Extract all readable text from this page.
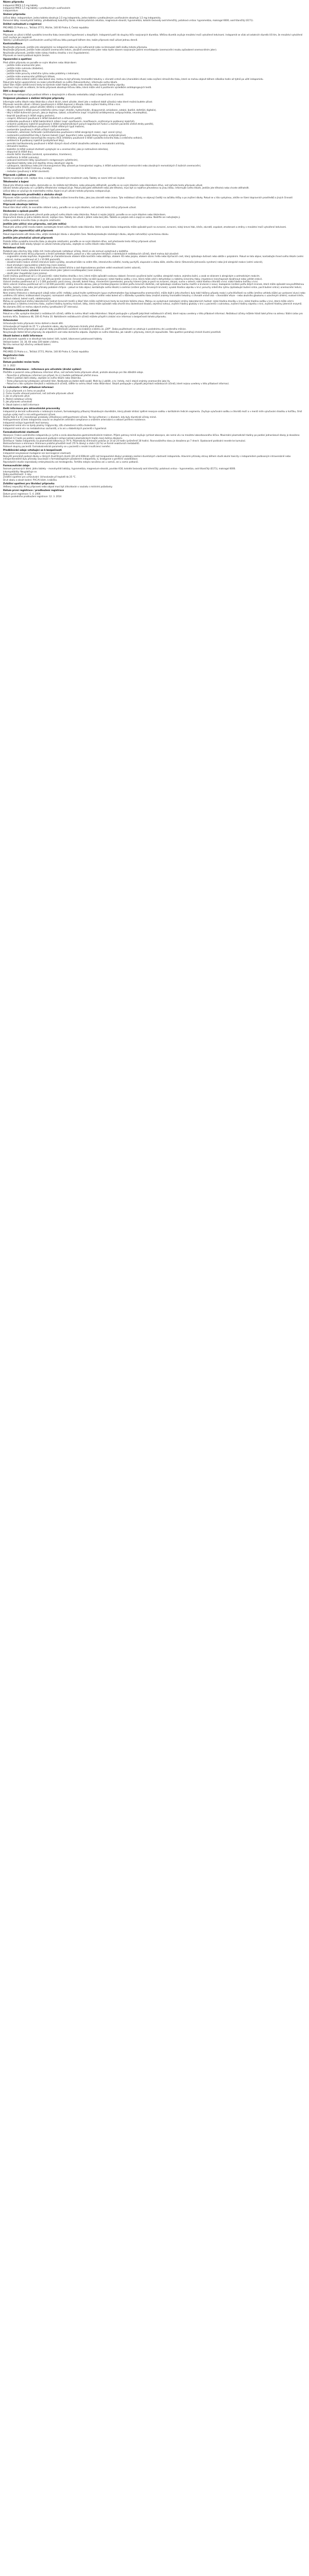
Název přípravku
Indapamid PMCS 2,5 mg tablety
Indapamid PMCS 1,5 mg tablety s prodlouženým uvolňováním
indapamidum
Složení přípravku
Léčivá látka: indapamidum. Jedna tableta obsahuje 2,5 mg indapamidu, jedna tableta s prodlouženým uvolňováním obsahuje 1,5 mg indapamidu.
Pomocné látky: monohydrát laktózy, předbobtnalý kukuřičný škrob, mikrokrystalická celulóza, magnesium-stearát, hypromelóza, koloidní bezvodý oxid křemičitý, potahová vrstva: hypromelóza, makrogol 6000, oxid titaničitý (E171).
Držitel rozhodnutí o registraci
PRO.MED.CS Praha a.s., Telčská 377/1, Michle, 140 00 Praha 4, Česká republika
Indikace
Přípravek se užívá k léčbě vysokého krevního tlaku (esenciální hypertenze) u dospělých. Indapamid patří do skupiny léčiv nazývaných diuretika. Většina diuretik zvyšuje množství moči vytvářené ledvinami. Indapamid se však od ostatních diuretik liší tím, že množství vytvářené moči zvyšuje jen nepatrně.
Tablety s prodlouženým uvolňováním uvolňují léčivou látku postupně během dne, takže přípravek stačí užívat jednou denně.
Kontraindikace
Neužívejte přípravek, jestliže jste alergický(á) na indapamid nebo na jiný sulfonamid nebo na kteroukoli další složku tohoto přípravku.
Neužívejte přípravek, jestliže máte závažné onemocnění ledvin, závažné onemocnění jater nebo trpíte stavem nazývaným jaterní encefalopatie (onemocnění mozku způsobené onemocněním jater).
Neužívejte přípravek, jestliže máte nízkou hladinu draslíku v krvi (hypokalemie).
Přípravek se nesmí podávat kojícím ženám.
Upozornění a opatření
Před užitím přípravku se poraďte se svým lékařem nebo lékárníkem:
– jestliže máte onemocnění jater,
– jestliže máte cukrovku (diabetes),
– jestliže trpíte dnou,
– jestliže máte poruchy srdečního rytmu nebo problémy s ledvinami,
– jestliže máte onemocnění příštítných tělísek,
– jestliže máte snížené vidění nebo bolest oka; mohou to být příznaky hromadění tekutiny v cévnaté vrstvě oka (choroidální efuze) nebo zvýšení nitroočního tlaku, které se mohou objevit během několika hodin až týdnů po užití indapamidu.
Pokud jste byl(a) upozorněn(a) na reakci přecitlivělosti na světlo (fotosenzitivitu), informujte svého lékaře.
Lékař Vám může nařídit krevní testy ke kontrole nízké hladiny sodíku nebo draslíku nebo vysoké hladiny vápníku.
Sportovci mají vzít na vědomí, že tento přípravek obsahuje léčivou látku, která může vést k pozitivním výsledkům antidopingových testů.
Děti a dospívající
Přípravek se nedoporučuje podávat dětem a dospívajícím z důvodu nedostatku údajů o bezpečnosti a účinnosti.
Vzájemné působení s dalšími léčivými přípravky
Informujte svého lékaře nebo lékárníka o všech lécích, které užíváte, které jste v nedávné době užíval(a) nebo které možná budete užívat.
Přípravek nesmíte užívat s lithiem (používaným k léčbě deprese) z důvodu rizika zvýšení hladiny lithia v krvi.
Informujte svého lékaře, pokud užíváte některý z následujících přípravků:
– léky používané k léčbě poruch srdečního rytmu (např. chinidin, hydrochinidin, disopyramid, amiodaron, sotalol, ibutilid, dofetilid, digitalis),
– léky k léčbě duševních poruch, jako je deprese, úzkost, schizofrenie (např. tricyklická antidepresiva, antipsychotika, neuroleptika),
– bepridil (používaný k léčbě anginy pectoris),
– cisaprid, difemanil (používané k léčbě žaludečních a střevních potíží),
– antibiotika používaná k léčbě bakteriálních infekcí (např. sparfloxacin, moxifloxacin, erythromycin podávaný injekčně),
– vinkamin podávaný injekčně (používaný k léčbě symptomatických poruch kognitivních funkcí u starších pacientů včetně ztráty paměti),
– halofantrin (antiparazitikum používané k léčbě některých typů malárie),
– pentamidin (používaný k léčbě určitých typů pneumonie),
– mizolastin, astemizol, terfenadin (antihistaminika používaná k léčbě alergických reakcí, např. senné rýmy),
– nesteroidní protizánětlivé léky k tlumení bolesti (např. ibuprofen) nebo vysoké dávky kyseliny acetylsalicylové,
– inhibitory angiotensin konvertujícího enzymu (ACE inhibitory používané k léčbě vysokého krevního tlaku a srdečního selhání),
– amfotericin B podávaný injekčně (protiplísňové léky),
– perorální kortikosteroidy používané k léčbě různých stavů včetně závažného astmatu a revmatoidní artritidy,
– stimulační laxativa,
– baklofen (k léčbě svalové ztuhlosti vyskytující se u onemocnění, jako je roztroušená skleróza),
– alopurinol (k léčbě dny),
– draslík šetřící diuretika (amilorid, spironolakton, triamteren),
– metformin (k léčbě cukrovky),
– jodované kontrastní látky (používané k rentgenovým vyšetřením),
– vápníkové tablety nebo jiné doplňky stravy obsahující vápník,
– cyklosporin, takrolimus nebo jiné imunosupresivní léky užívané po transplantaci orgánu, k léčbě autoimunitních onemocnění nebo závažných revmatických či kožních onemocnění,
– tetrakosaktid (k léčbě Crohnovy choroby),
– metadon (používaný k léčbě závislosti).
Přípravek s jídlem a pitím
Tablety se polykají celé, nejlépe ráno, a zapijí se dostatečným množstvím vody. Tablety se nesmí drtit ani žvýkat.
Těhotenství a kojení
Pokud jste těhotná nebo kojíte, domníváte se, že můžete být těhotná, nebo plánujete otěhotnět, poraďte se se svým lékařem nebo lékárníkem dříve, než začnete tento přípravek užívat.
Užívání tohoto přípravku se v průběhu těhotenství nedoporučuje. Pokud plánujete otěhotnět nebo jste těhotná, musí být co nejdříve převedena na jinou léčbu. Informujte svého lékaře, jestliže jste těhotná nebo chcete otěhotnět.
Léčivá látka se vylučuje do mateřského mléka. Kojení se při užívání tohoto přípravku nedoporučuje.
Řízení dopravních prostředků a obsluha strojů
Přípravek může vyvolat nežádoucí účinky v důsledku snížení krevního tlaku, jako jsou závratě nebo únava. Tyto nežádoucí účinky se objevují častěji na začátku léčby a po zvýšení dávky. Pokud se u Vás vyskytnou, zdržte se řízení dopravních prostředků a jiných činností vyžadujících zvýšenou pozornost.
Přípravek obsahuje laktózu
Pokud Vám lékař sdělil, že nesnášíte některé cukry, poraďte se se svým lékařem, než začnete tento léčivý přípravek užívat.
Dávkování a způsob použití
Vždy užívejte tento přípravek přesně podle pokynů svého lékaře nebo lékárníka. Pokud si nejste jistý(á), poraďte se se svým lékařem nebo lékárníkem.
Doporučená dávka je jedna tableta denně, nejlépe ráno. Tablety lze užívat s jídlem nebo bez jídla. Tableta se polyká celá a zapíjí se vodou. Nedrťte ani nežvýkejte ji.
Léčba vysokého krevního tlaku je obvykle celoživotní.
Jestliže jste užil(a) více přípravku, než jste měl(a)
Pokud jste užil(a) příliš mnoho tablet, kontaktujte ihned svého lékaře nebo lékárníka. Velmi vysoká dávka indapamidu může způsobit pocit na zvracení, zvracení, nízký krevní tlak, křeče, závratě, ospalost, zmatenost a změny v množství moči vytvářené ledvinami.
Jestliže jste zapomněl(a) užít přípravek
Pokud zapomenete užít dávku léku, užijte následující dávku v obvyklém čase. Nezdvojnásobujte následující dávku, abyste nahradil(a) vynechanou dávku.
Jestliže jste přestal(a) užívat přípravek
Protože léčba vysokého krevního tlaku je obvykle celoživotní, poraďte se se svým lékařem dříve, než přestanete tento léčivý přípravek užívat.
Máte-li jakékoli další otázky týkající se užívání tohoto přípravku, zeptejte se svého lékaře nebo lékárníka.
Nežádoucí účinky
Podobně jako všechny léky může mít i tento přípravek nežádoucí účinky, které se ale nemusí vyskytnout u každého.
Přestaňte užívat tento léčivý přípravek a ihned vyhledejte lékaře, pokud se u Vás vyskytne kterýkoli z následujících nežádoucích účinků, které mohou být závažné:
– angioedém a/nebo kopřivka. Angioedém je charakterizován otokem kůže končetin nebo obličeje, otokem rtů nebo jazyka, otokem sliznic hrdla nebo dýchacích cest, který způsobuje dušnost nebo obtíže s polykáním. Pokud se toto objeví, kontaktujte ihned svého lékaře (velmi vzácné, mohou postihnout až 1 z 10 000 pacientů),
– závažné kožní reakce včetně intenzivní kožní vyrážky, zarudnutí kůže na celém těle, intenzivního svědění, tvorby puchýřů, olupování a otoku kůže, zánětu sliznic (Stevensův-Johnsonův syndrom) nebo jiné alergické reakce (velmi vzácné),
– život ohrožující nepravidelný srdeční tep (není známo),
– zánět slinivky břišní, který může způsobit silnou bolest břicha a zad doprovázenou pocitem velké nevolnosti (velmi vzácné),
– onemocnění mozku způsobené onemocněním jater (jaterní encefalopatie) (není známo),
– zánět jater (hepatitida) (není známo).
Časté (mohou postihnout až 1 z 10 pacientů): nízká hladina draslíku v krvi, která může způsobit svalovou slabost; červená vyvýšená kožní vyrážka; alergické reakce, zejména kožní, u osob se sklonem k alergickým a astmatickým reakcím.
Méně časté (mohou postihnout až 1 ze 100 pacientů): zvracení; červené tečky na kůži (purpura); nízká hladina sodíku v krvi, která může vést k dehydrataci a nízkému krevnímu tlaku; impotence (neschopnost dosáhnout nebo udržet erekci).
Vzácné (mohou postihnout až 1 z 1 000 pacientů): pocit únavy, závratě, bolest hlavy, mravenčení (parestezie); poruchy trávení (jako je pocit na zvracení, zácpa), sucho v ústech; nízká hladina chloridů v krvi; nízká hladina hořčíku v krvi.
Velmi vzácné (mohou postihnout až 1 z 10 000 pacientů): změny krevního obrazu, jako je trombocytopenie (snížení počtu krevních destiček, což způsobuje snadnou tvorbu modřin a krvácení z nosu), leukopenie (snížení počtu bílých krvinek, které může způsobit nevysvětlitelnou horečku, bolest v krku nebo jiné příznaky podobné chřipce – pokud se toto objeví, kontaktujte svého lékaře) a anémie (snížení počtu červených krvinek); vysoká hladina vápníku v krvi; poruchy srdečního rytmu (způsobující bušení srdce, pocit bušení srdce); onemocnění ledvin; abnormální funkce jater.
Není známo (frekvenci z dostupných údajů nelze určit): mdloby; pokud trpíte systémovým lupus erythematodes (typ kolagenového onemocnění), může dojít k jeho zhoršení; byly také hlášeny případy reakcí z přecitlivělosti na světlo (změna vzhledu kůže) po vystavení slunci nebo umělému UV záření; krátkozrakost (myopie); rozmazané vidění; poruchy zraku; snížené vidění nebo bolest očí v důsledku vysokého tlaku (možné známky hromadění tekutiny v cévnaté vrstvě oka – choroidální efuze – nebo akutního glaukomu s uzavřeným úhlem); svalové křeče, svalová slabost, bolest svalů, rabdomyolýza.
Mohou se vyskytnout změny laboratorních hodnot (krevních testů) a lékař Vám může nařídit krevní testy ke kontrole Vašeho stavu. Mohou se vyskytnout následující změny laboratorních hodnot: nízká hladina draslíku v krvi, nízká hladina sodíku v krvi, která může vést k dehydrataci a nízkému krevnímu tlaku, zvýšení hladiny kyseliny močové, látky, která může způsobit nebo zhoršit dnu (bolestivost kloubů, zejména nohou), zvýšení hladiny glukózy v krvi u pacientů s cukrovkou, zvýšení hladiny vápníku v krvi, zvýšené hladiny jaterních enzymů.
Na záznamu EKG se mohou objevit změny (prodloužení QT intervalu).
Hlášení nežádoucích účinků
Pokud se u Vás vyskytne kterýkoli z nežádoucích účinků, sdělte to svému lékaři nebo lékárníkovi. Stejně postupujte v případě jakýchkoli nežádoucích účinků, které nejsou uvedeny v této příbalové informaci. Nežádoucí účinky můžete hlásit také přímo na adresu: Státní ústav pro kontrolu léčiv, Šrobárova 48, 100 41 Praha 10. Nahlášením nežádoucích účinků můžete přispět k získání více informací o bezpečnosti tohoto přípravku.
Uchovávání
Uchovávejte tento přípravek mimo dohled a dosah dětí.
Uchovávejte při teplotě do 25 °C v původním obalu, aby byl přípravek chráněn před vlhkostí.
Nepoužívejte tento přípravek po uplynutí doby použitelnosti uvedené na krabičce a blistru za „EXP“. Doba použitelnosti se vztahuje k poslednímu dni uvedeného měsíce.
Nevyhazujte žádné léčivé přípravky do odpadních vod nebo domácího odpadu. Zeptejte se svého lékárníka, jak naložit s přípravky, které již nepoužíváte. Tato opatření pomáhají chránit životní prostředí.
Obsah balení a další informace
Jak přípravek vypadá a co obsahuje toto balení: bílé, kulaté, bikonvexní potahované tablety.
Velikost balení: 10, 30, 60 nebo 100 tablet v blistru.
Na trhu nemusí být všechny velikosti balení.
Výrobce
PRO.MED.CS Praha a.s., Telčská 377/1, Michle, 140 00 Praha 4, Česká republika
Registrační číslo
58/327/06-C
Datum poslední revize textu
10. 3. 2022
Příbalová informace – informace pro uživatele (druhé vydání)
Přečtěte si pozorně celou příbalovou informaci dříve, než začnete tento přípravek užívat, protože obsahuje pro Vás důležité údaje.
– Ponechte si příbalovou informaci pro případ, že si ji budete potřebovat přečíst znovu.
– Máte-li jakékoli další otázky, zeptejte se svého lékaře nebo lékárníka.
– Tento přípravek byl předepsán výhradně Vám. Nedávejte jej žádné další osobě. Mohl by jí ublížit, a to i tehdy, má-li stejné známky onemocnění jako Vy.
– Pokud se u Vás vyskytne kterýkoli z nežádoucích účinků, sdělte to svému lékaři nebo lékárníkovi. Stejně postupujte v případě jakýchkoli nežádoucích účinků, které nejsou uvedeny v této příbalové informaci.
Co naleznete v této příbalové informaci
1. Co je přípravek a k čemu se používá
2. Čemu musíte věnovat pozornost, než začnete přípravek užívat
3. Jak se přípravek užívá
4. Možné nežádoucí účinky
5. Jak přípravek uchovávat
6. Obsah balení a další informace
Další informace pro zdravotnické pracovníky
Indapamid je derivát sulfonamidu s indolovým kruhem, farmakologicky příbuzný thiazidovým diuretikům, který působí inhibicí zpětné resorpce sodíku v kortikálním ředicím segmentu. Zvyšuje vylučování sodíku a chloridů močí a v menší míře vylučování draslíku a hořčíku, čímž zvyšuje výdej moči a má antihypertenzní účinek.
Studie fáze II a III s monoterapií prokázaly 24hodinový antihypertenzní účinek. Ten byl přítomen i v dávkách, kdy byly diuretické účinky mírné.
Antihypertenzní účinek indapamidu souvisí se zlepšením arteriální compliance a snížením arteriolární a celkové periferní rezistence.
Indapamid snižuje hypertrofii levé komory.
Indapamid nemá vliv na lipidy plazmy: triglyceridy, LDL-cholesterol a HDL-cholesterol.
Indapamid nemá vliv na metabolismus sacharidů, a to ani u diabetických pacientů s hypertenzí.
Farmakokinetické vlastnosti
Absorpce: Frakce uvolněného indapamidu je rychle a zcela absorbována gastrointestinálním traktem. Příjem potravy mírně zvyšuje rychlost absorpce, ale nemá vliv na množství absorbovaného léčiva. Maximální plazmatické hladiny po podání jednorázové dávky je dosaženo přibližně 12 hodin po podání; opakované podávání snižuje kolísání plazmatických hladin mezi dvěma dávkami.
Distribuce: Vazba indapamidu na plazmatické bílkoviny je 79 %. Plazmatický eliminační poločas je 14 až 24 hodin (průměrně 18 hodin). Rovnovážného stavu je dosaženo po 7 dnech. Opakované podávání nevede ke kumulaci.
Biotransformace a eliminace: Eliminace probíhá převážně močí (70 % dávky) a stolicí (22 %) ve formě neaktivních metabolitů.
Rizikové skupiny pacientů: Farmakokinetické parametry se u pacientů s renální insuficiencí nemění.
Předklinické údaje vztahující se k bezpečnosti
Indapamid nevykazoval mutagenní ani karcinogenní vlastnosti.
Nejvyšší perorálně podané dávky u různých živočišných druhů (40 až 8 000krát vyšší než terapeutické dávky) prokázaly zesílení diuretických vlastností indapamidu. Hlavními příznaky otravy během studií akutní toxicity s indapamidem podávaným intravenózně nebo intraperitoneálně byly příznaky související s farmakologickým působením indapamidu, tj. bradypnoe a periferní vazodilatace.
Reprodukční studie neprokázaly embryotoxicitu ani teratogenitu. Fertilita nebyla narušena ani u samců, ani u samic potkanů.
Farmaceutické údaje
Seznam pomocných látek: jádro tablety – monohydrát laktózy, hypromelóza, magnesium-stearát, povidon K30, koloidní bezvodý oxid křemičitý; potahová vrstva – hypromelóza, oxid titaničitý (E171), makrogol 6000.
Inkompatibility: Neuplatňuje se.
Doba použitelnosti: 3 roky.
Zvláštní opatření pro uchovávání: Uchovávejte při teplotě do 25 °C.
Druh obalu a obsah balení: PVC/Al blistr, krabička.
Zvláštní opatření pro likvidaci přípravku
Veškerý nepoužitý léčivý přípravek nebo odpad musí být zlikvidován v souladu s místními požadavky.
Datum první registrace / prodloužení registrace
Datum první registrace: 5. 4. 2006
Datum posledního prodloužení registrace: 12. 3. 2014
